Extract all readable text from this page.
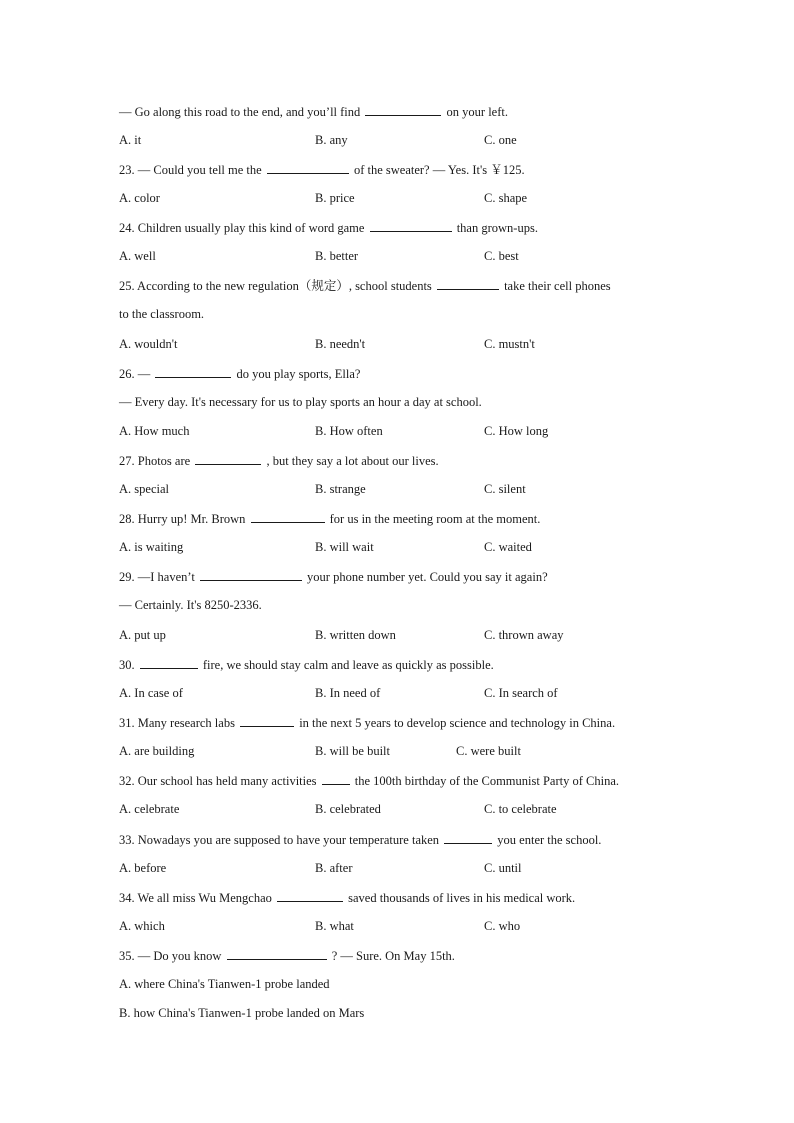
— Go along this road to the end, and you’ll find	on your left.
A. it	B. any	C. one
23. — Could you tell me the	of the sweater? — Yes. It's ￥125.
A. color	B. price	C. shape
24. Children usually play this kind of word game	than grown-ups.
A. well	B. better	C. best
25. According to the new regulation（规定）, school students	take their cell phones
to the classroom.
A. wouldn't	B. needn't	C. mustn't
26. —	do you play sports, Ella?
— Every day. It's necessary for us to play sports an hour a day at school.
A. How much	B. How often	C. How long
27. Photos are	, but they say a lot about our lives.
A. special	B. strange	C. silent
28. Hurry up! Mr. Brown	for us in the meeting room at the moment.
A. is waiting	B. will wait	C. waited
29. —I haven’t	your phone number yet. Could you say it again?
— Certainly. It's 8250-2336.
A. put up	B. written down	C. thrown away
30.	fire, we should stay calm and leave as quickly as possible.
A. In case of	B. In need of	C. In search of
31. Many research labs	in the next 5 years to develop science and technology in China.
A. are building	B. will be built	C. were built
32. Our school has held many activities	the 100th birthday of the Communist Party of China.
A. celebrate	B. celebrated	C. to celebrate
33. Nowadays you are supposed to have your temperature taken	you enter the school.
A. before	B. after	C. until
34. We all miss Wu Mengchao	saved thousands of lives in his medical work.
A. which	B. what	C. who
35. — Do you know	? — Sure. On May 15th.
A. where China's Tianwen-1 probe landed
B. how China's Tianwen-1 probe landed on Mars
